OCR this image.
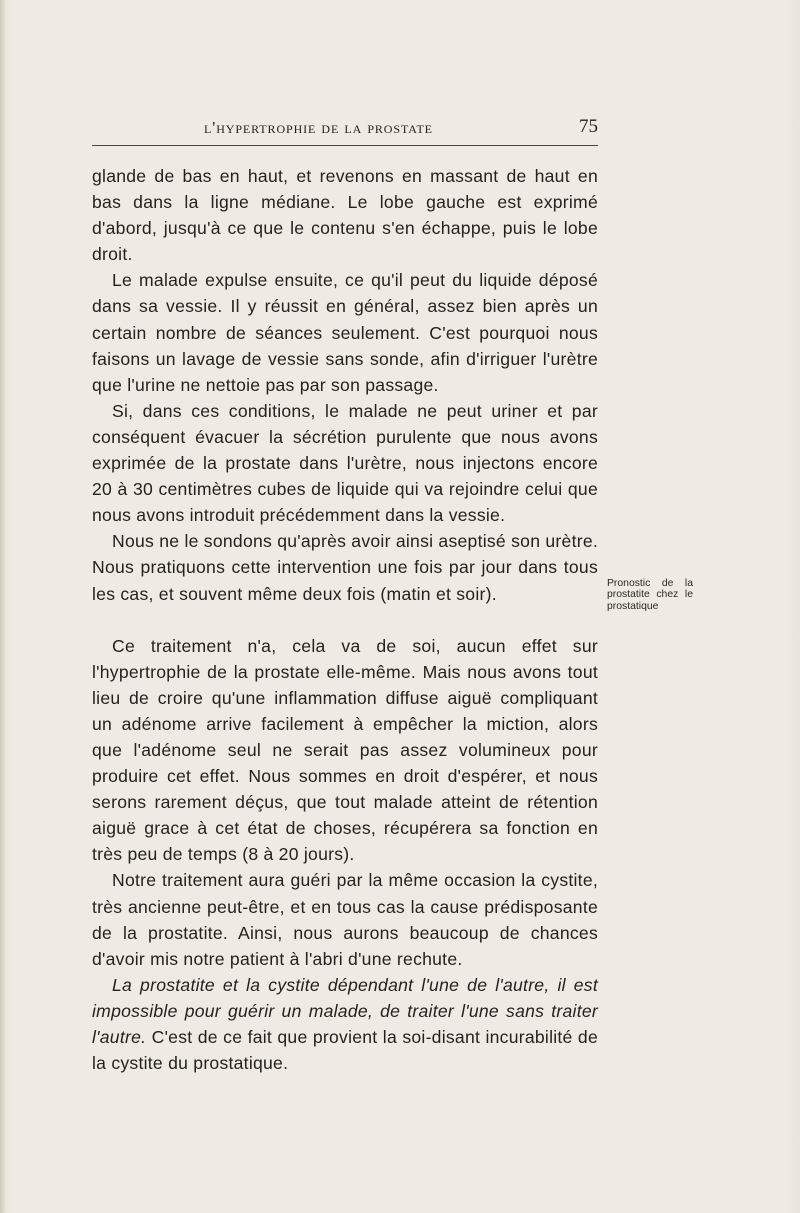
l'hypertrophie de la prostate	75

glande de bas en haut, et revenons en massant de haut en bas dans la ligne médiane. Le lobe gauche est exprimé d'abord, jusqu'à ce que le contenu s'en échappe, puis le lobe droit.

Le malade expulse ensuite, ce qu'il peut du liquide déposé dans sa vessie. Il y réussit en général, assez bien après un certain nombre de séances seulement. C'est pourquoi nous faisons un lavage de vessie sans sonde, afin d'irriguer l'urètre que l'urine ne nettoie pas par son passage.

Si, dans ces conditions, le malade ne peut uriner et par conséquent évacuer la sécrétion purulente que nous avons exprimée de la prostate dans l'urètre, nous injectons encore 20 à 30 centimètres cubes de liquide qui va rejoindre celui que nous avons introduit précédemment dans la vessie.

Nous ne le sondons qu'après avoir ainsi aseptisé son urètre. Nous pratiquons cette intervention une fois par jour dans tous les cas, et souvent même deux fois (matin et soir).

Ce traitement n'a, cela va de soi, aucun effet sur l'hypertrophie de la prostate elle-même. Mais nous avons tout lieu de croire qu'une inflammation diffuse aiguë compliquant un adénome arrive facilement à empêcher la miction, alors que l'adénome seul ne serait pas assez volumineux pour produire cet effet. Nous sommes en droit d'espérer, et nous serons rarement déçus, que tout malade atteint de rétention aiguë grace à cet état de choses, récupérera sa fonction en très peu de temps (8 à 20 jours).

Notre traitement aura guéri par la même occasion la cystite, très ancienne peut-être, et en tous cas la cause prédisposante de la prostatite. Ainsi, nous aurons beaucoup de chances d'avoir mis notre patient à l'abri d'une rechute.

La prostatite et la cystite dépendant l'une de l'autre, il est impossible pour guérir un malade, de traiter l'une sans traiter l'autre. C'est de ce fait que provient la soi-disant incurabilité de la cystite du prostatique.

Pronostic de la prostatite chez le prostatique
